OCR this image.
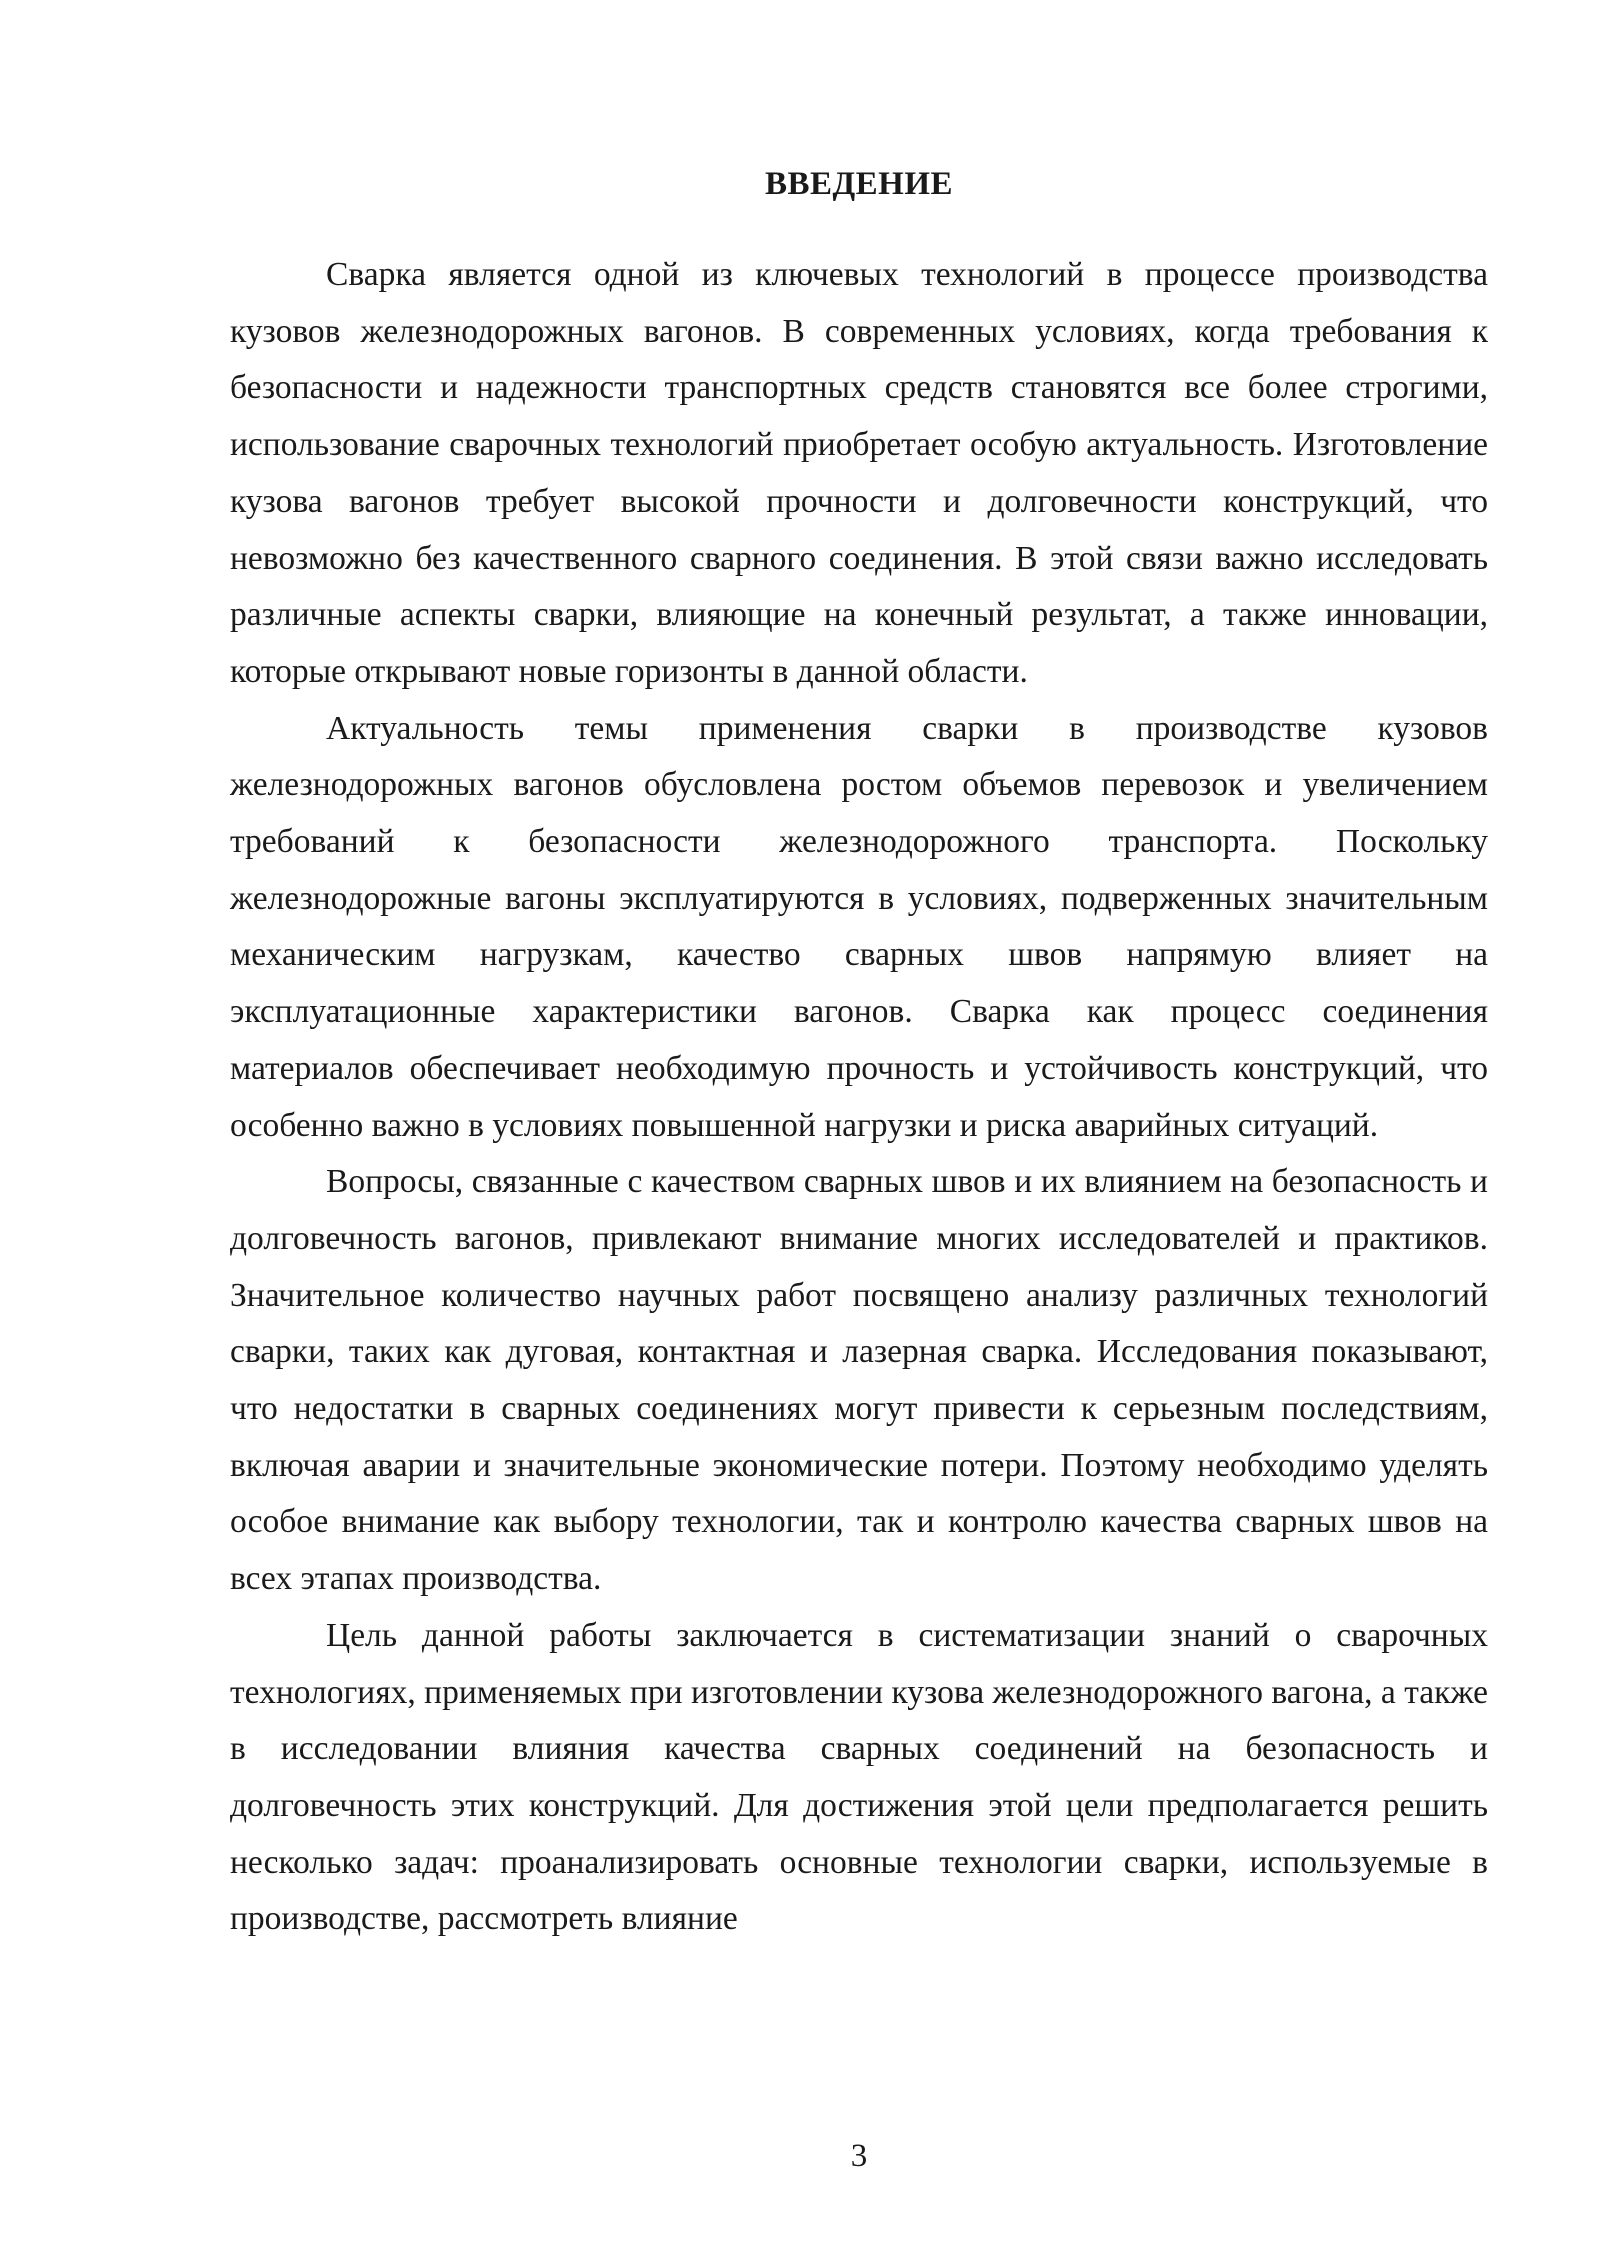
ВВЕДЕНИЕ

Сварка является одной из ключевых технологий в процессе производства кузовов железнодорожных вагонов. В современных условиях, когда требования к безопасности и надежности транспортных средств становятся все более строгими, использование сварочных технологий приобретает особую актуальность. Изготовление кузова вагонов требует высокой прочности и долговечности конструкций, что невозможно без качественного сварного соединения. В этой связи важно исследовать различные аспекты сварки, влияющие на конечный результат, а также инновации, которые открывают новые горизонты в данной области.

Актуальность темы применения сварки в производстве кузовов железнодорожных вагонов обусловлена ростом объемов перевозок и увеличением требований к безопасности железнодорожного транспорта. Поскольку железнодорожные вагоны эксплуатируются в условиях, подверженных значительным механическим нагрузкам, качество сварных швов напрямую влияет на эксплуатационные характеристики вагонов. Сварка как процесс соединения материалов обеспечивает необходимую прочность и устойчивость конструкций, что особенно важно в условиях повышенной нагрузки и риска аварийных ситуаций.

Вопросы, связанные с качеством сварных швов и их влиянием на безопасность и долговечность вагонов, привлекают внимание многих исследователей и практиков. Значительное количество научных работ посвящено анализу различных технологий сварки, таких как дуговая, контактная и лазерная сварка. Исследования показывают, что недостатки в сварных соединениях могут привести к серьезным последствиям, включая аварии и значительные экономические потери. Поэтому необходимо уделять особое внимание как выбору технологии, так и контролю качества сварных швов на всех этапах производства.

Цель данной работы заключается в систематизации знаний о сварочных технологиях, применяемых при изготовлении кузова железнодорожного вагона, а также в исследовании влияния качества сварных соединений на безопасность и долговечность этих конструкций. Для достижения этой цели предполагается решить несколько задач: проанализировать основные технологии сварки, используемые в производстве, рассмотреть влияние

3
